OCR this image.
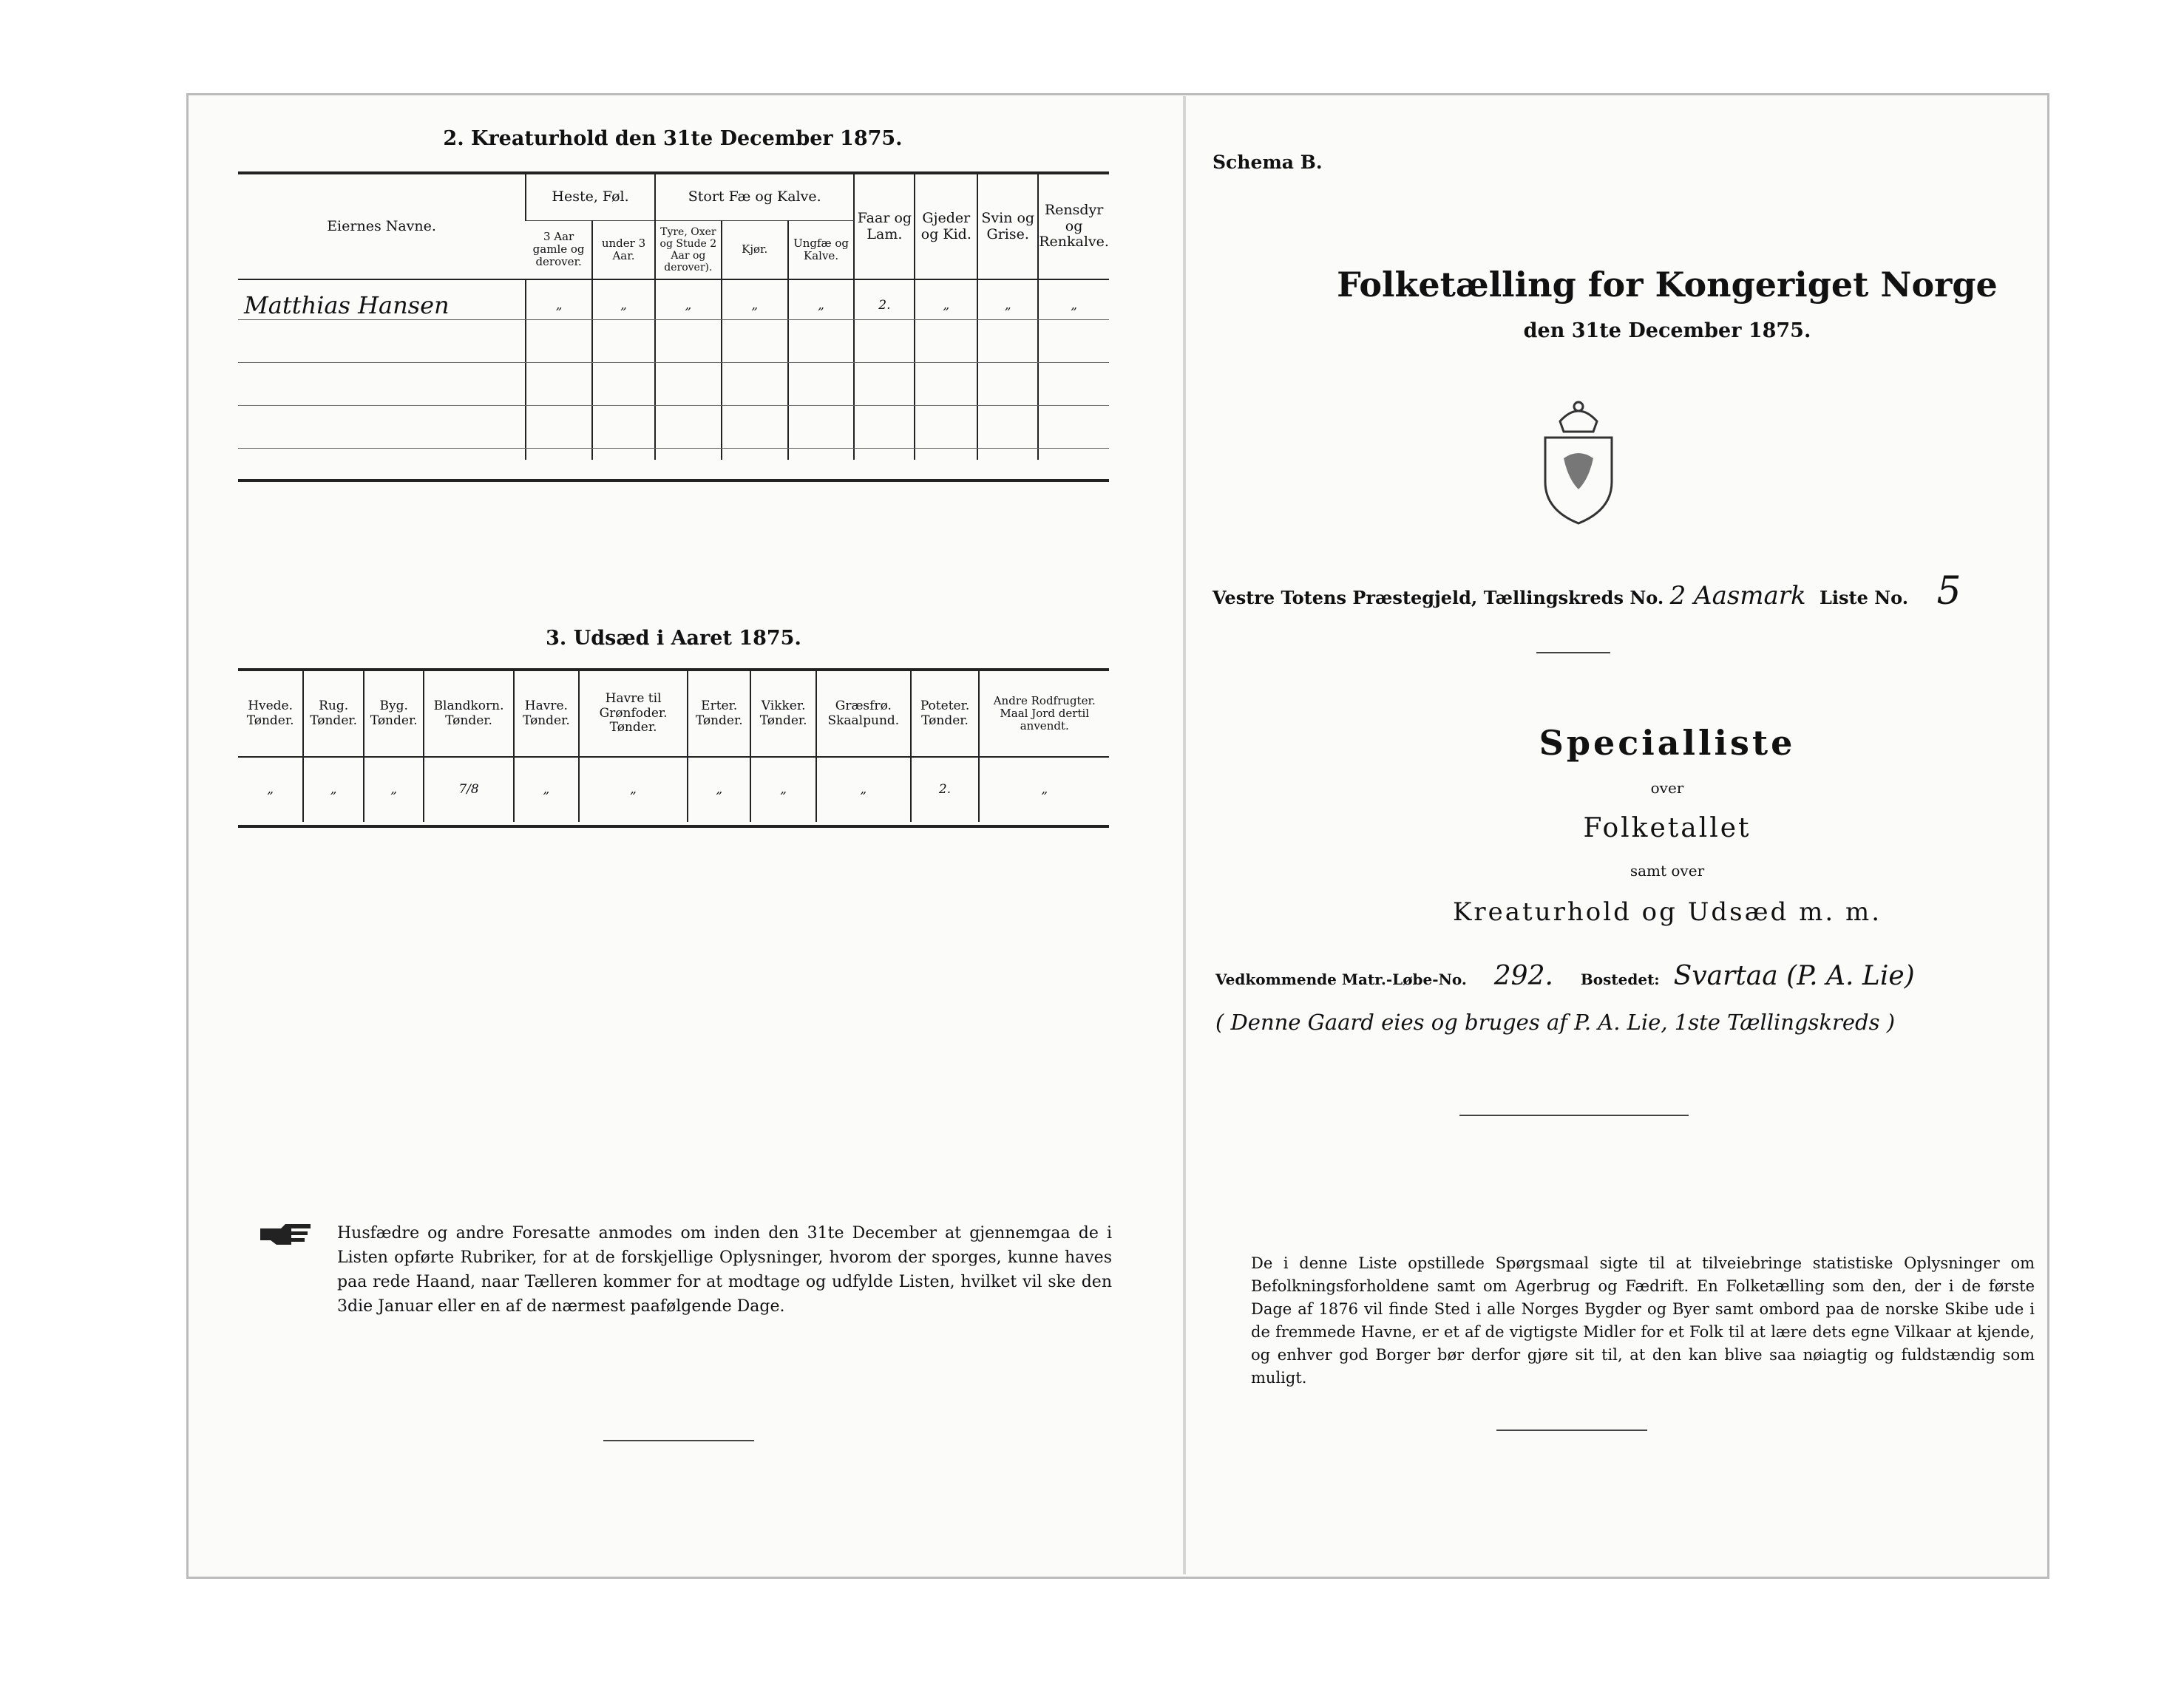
2. Kreaturhold den 31te December 1875.
Eiernes Navne.	Heste, Føl.		Stort Fæ og Kalve.			Faar og Lam.	Gjeder og Kid.	Svin og Grise.	Rensdyr og Renkalve.
	3 Aar gamle og derover.	under 3 Aar.	Tyre, Oxer og Stude 2 Aar og derover).	Kjør.	Ungfæ og Kalve.				
Matthias Hansen	„	„	„	„	„	2.	„	„	„

3. Udsæd i Aaret 1875.
Hvede. Tønder.	Rug. Tønder.	Byg. Tønder.	Blandkorn. Tønder.	Havre. Tønder.	Havre til Grønfoder. Tønder.	Erter. Tønder.	Vikker. Tønder.	Græsfrø. Skaalpund.	Poteter. Tønder.	Andre Rodfrugter. Maal Jord dertil anvendt.
„	„	„	7/8	„	„	„	„	„	2.	„
Husfædre og andre Foresatte anmodes om inden den 31te December at gjennemgaa de i Listen opførte Rubriker, for at de forskjellige Oplysninger, hvorom der sporges, kunne haves paa rede Haand, naar Tælleren kommer for at modtage og udfylde Listen, hvilket vil ske den 3die Januar eller en af de nærmest paafølgende Dage.
Schema B.
Folketælling for Kongeriget Norge
den 31te December 1875.
Vestre Totens Præstegjeld, Tællingskreds No. 2 Aasmark Liste No. 5
Specialliste
over
Folketallet
samt over
Kreaturhold og Udsæd m. m.
Vedkommende Matr.-Løbe-No. 292. Bostedet: Svartaa (P. A. Lie)
( Denne Gaard eies og bruges af P. A. Lie, 1ste Tællingskreds )
De i denne Liste opstillede Spørgsmaal sigte til at tilveiebringe statistiske Oplysninger om Befolkningsforholdene samt om Agerbrug og Fædrift. En Folketælling som den, der i de første Dage af 1876 vil finde Sted i alle Norges Bygder og Byer samt ombord paa de norske Skibe ude i de fremmede Havne, er et af de vigtigste Midler for et Folk til at lære dets egne Vilkaar at kjende, og enhver god Borger bør derfor gjøre sit til, at den kan blive saa nøiagtig og fuldstændig som muligt.
